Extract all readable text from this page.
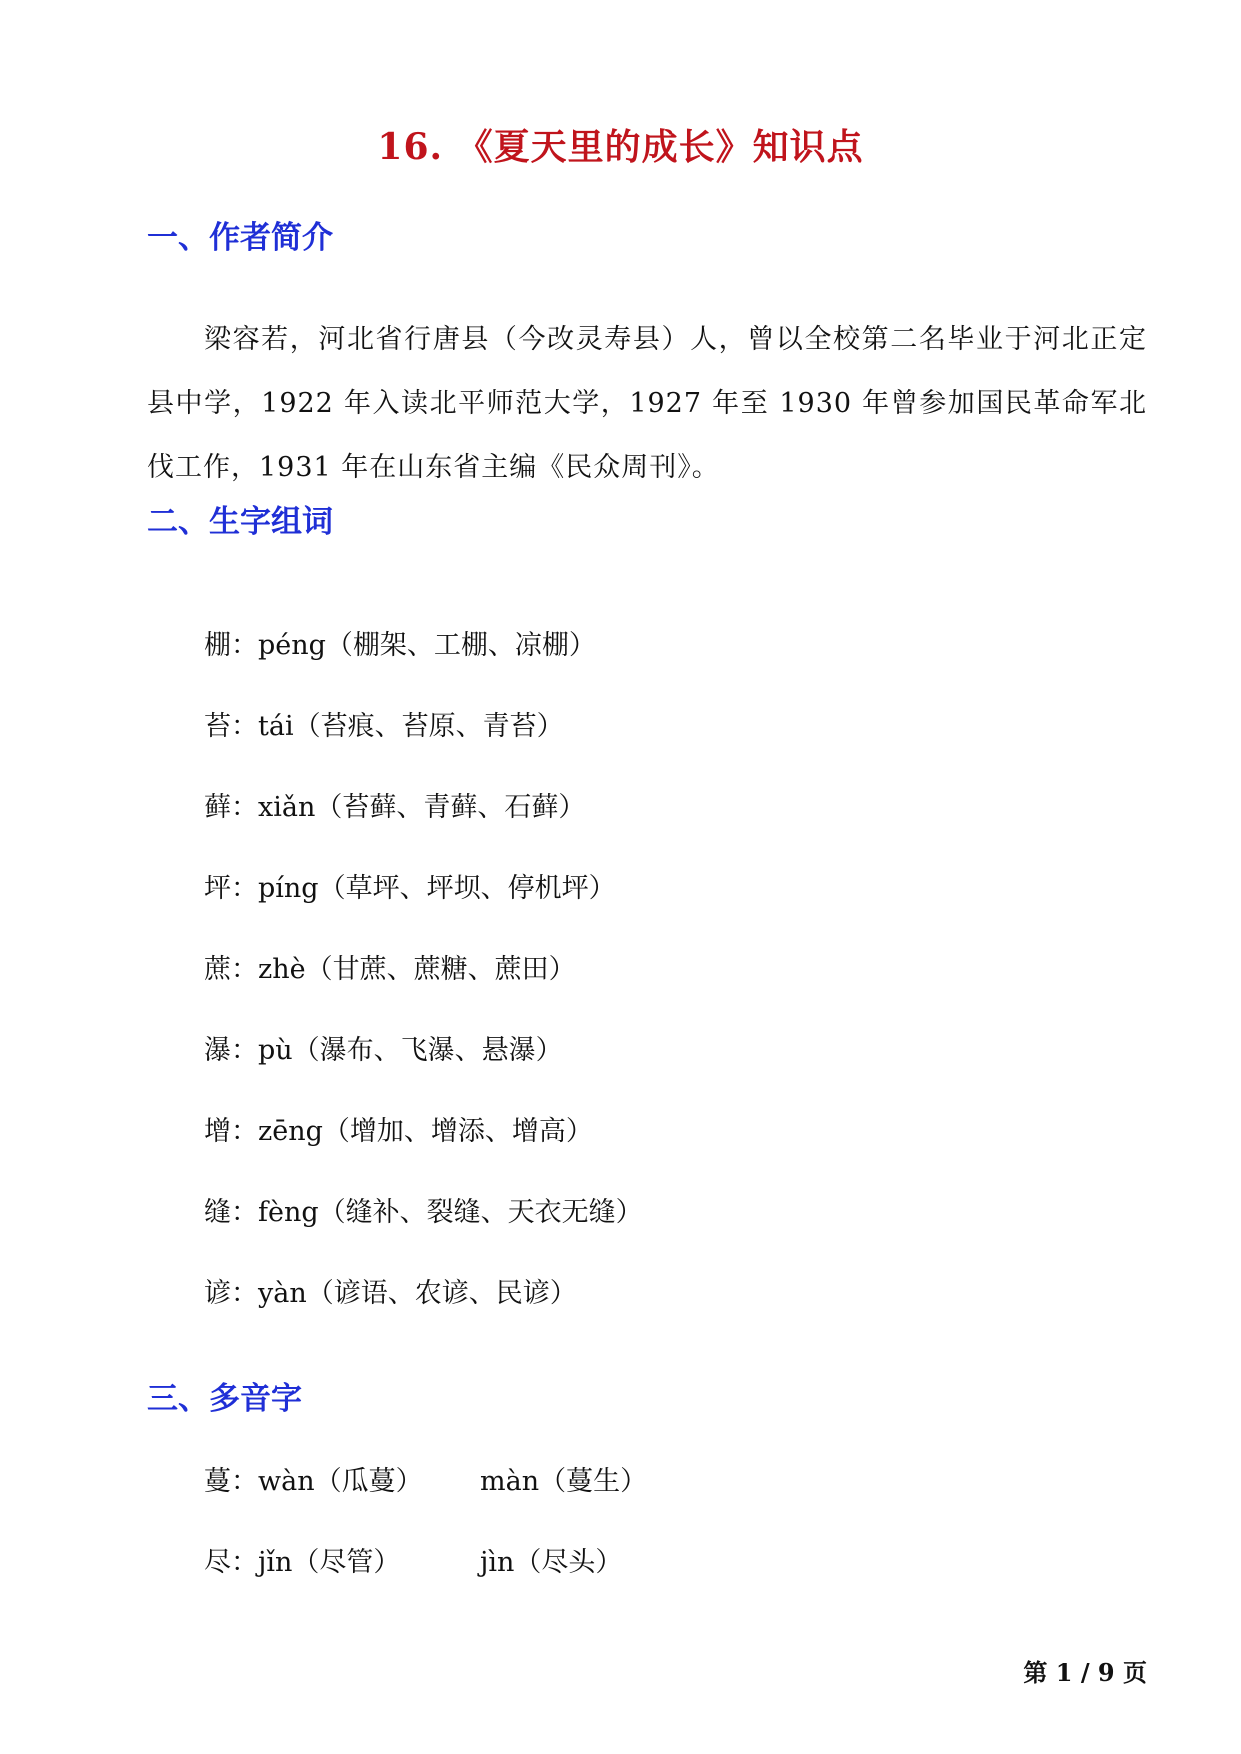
16. 《夏天里的成长》知识点
一、作者简介

梁容若，河北省行唐县（今改灵寿县）人，曾以全校第二名毕业于河北正定县中学，1922 年入读北平师范大学，1927 年至 1930 年曾参加国民革命军北伐工作，1931 年在山东省主编《民众周刊》。

二、生字组词
棚：péng（棚架、工棚、凉棚）
苔：tái（苔痕、苔原、青苔）
藓：xiǎn（苔藓、青藓、石藓）
坪：píng（草坪、坪坝、停机坪）
蔗：zhè（甘蔗、蔗糖、蔗田）
瀑：pù（瀑布、飞瀑、悬瀑）
增：zēng（增加、增添、增高）
缝：fèng（缝补、裂缝、天衣无缝）
谚：yàn（谚语、农谚、民谚）
三、多音字
蔓：wàn（瓜蔓） màn（蔓生）
尽：jǐn（尽管）	jìn（尽头）
第 1 / 9 页
